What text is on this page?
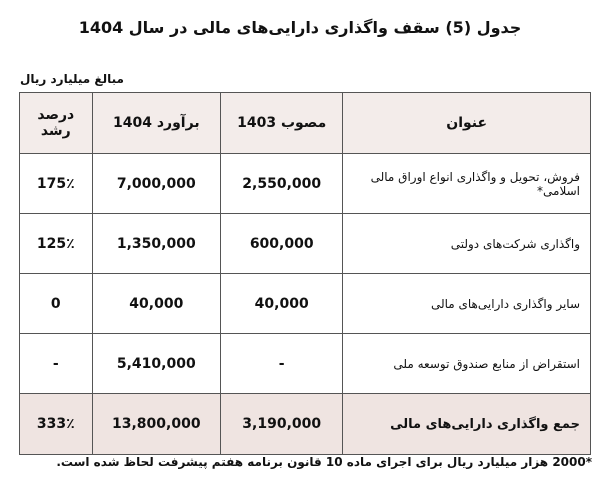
جدول (5) سقف واگذاری دارایی‌های مالی در سال 1404
مبالغ میلیارد ریال
عنوان	مصوب 1403	برآورد 1404	درصد رشد
فروش، تحویل و واگذاری انواع اوراق مالی اسلامی*	2,550,000	7,000,000	175٪
واگذاری شرکت‌های دولتی	600,000	1,350,000	125٪
سایر واگذاری دارایی‌های مالی	40,000	40,000	0
استقراض از منابع صندوق توسعه ملی	-	5,410,000	-
جمع واگذاری دارایی‌های مالی	3,190,000	13,800,000	333٪
*2000 هزار میلیارد ریال برای اجرای ماده 10 قانون برنامه هفتم پیشرفت لحاظ شده است.
